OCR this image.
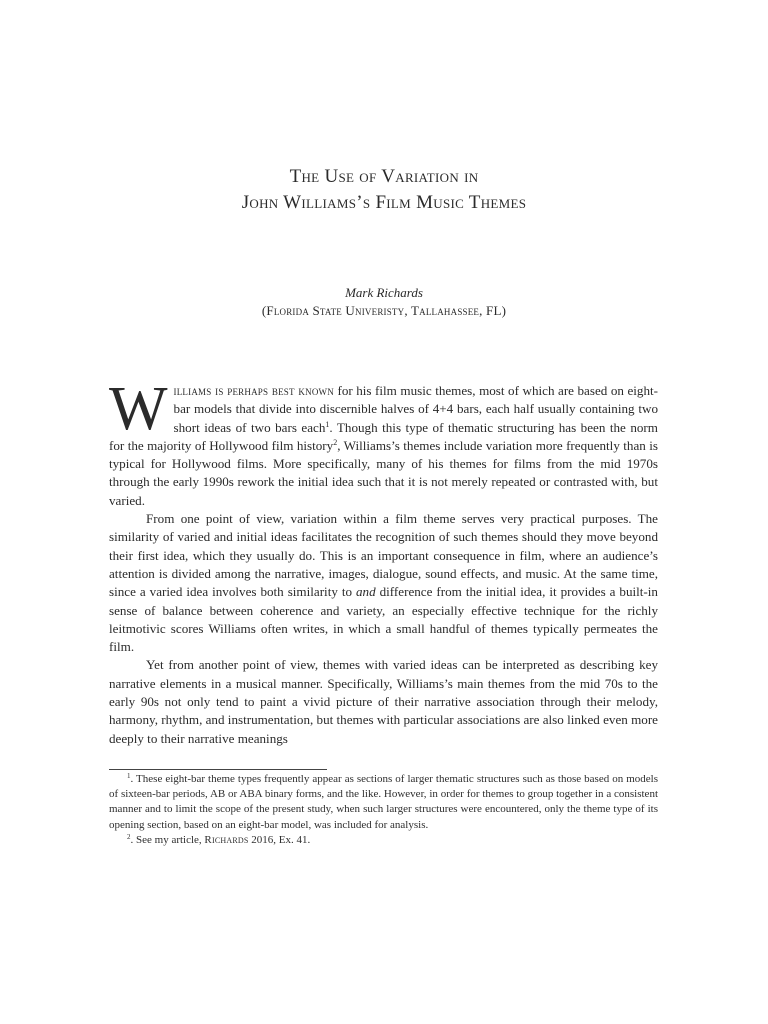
The Use of Variation in
John Williams’s Film Music Themes
Mark Richards
(Florida State Univeristy, Tallahassee, FL)

Williams is perhaps best known for his film music themes, most of which are based on eight-bar models that divide into discernible halves of 4+4 bars, each half usually containing two short ideas of two bars each$^1$. Though this type of thematic structuring has been the norm for the majority of Hollywood film history$^2$, Williams’s themes include variation more frequently than is typical for Hollywood films. More specifically, many of his themes for films from the mid 1970s through the early 1990s rework the initial idea such that it is not merely repeated or contrasted with, but varied.

From one point of view, variation within a film theme serves very practical purposes. The similarity of varied and initial ideas facilitates the recognition of such themes should they move beyond their first idea, which they usually do. This is an important consequence in film, where an audience’s attention is divided among the narrative, images, dialogue, sound effects, and music. At the same time, since a varied idea involves both similarity to and difference from the initial idea, it provides a built-in sense of balance between coherence and variety, an especially effective technique for the richly leitmotivic scores Williams often writes, in which a small handful of themes typically permeates the film.

Yet from another point of view, themes with varied ideas can be interpreted as describing key narrative elements in a musical manner. Specifically, Williams’s main themes from the mid 70s to the early 90s not only tend to paint a vivid picture of their narrative association through their melody, harmony, rhythm, and instrumentation, but themes with particular associations are also linked even more deeply to their narrative meanings

$^1$. These eight-bar theme types frequently appear as sections of larger thematic structures such as those based on models of sixteen-bar periods, AB or ABA binary forms, and the like. However, in order for themes to group together in a consistent manner and to limit the scope of the present study, when such larger structures were encountered, only the theme type of its opening section, based on an eight-bar model, was included for analysis.

$^2$. See my article, Richards 2016, Ex. 41.
